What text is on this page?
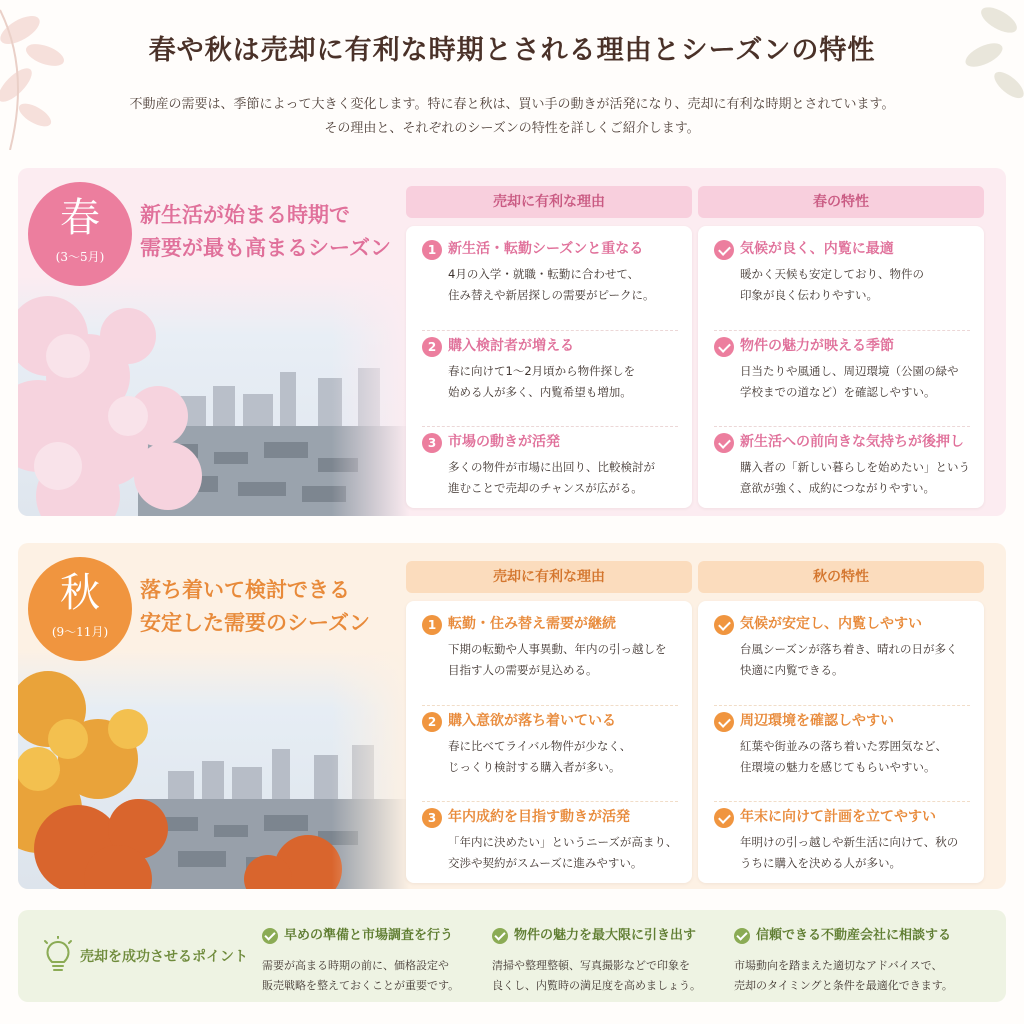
春や秋は売却に有利な時期とされる理由とシーズンの特性

不動産の需要は、季節によって大きく変化します。特に春と秋は、買い手の動きが活発になり、売却に有利な時期とされています。

その理由と、それぞれのシーズンの特性を詳しくご紹介します。

春
(3〜5月)
新生活が始まる時期で
需要が最も高まるシーズン
売却に有利な理由
1 新生活・転勤シーズンと重なる
4月の入学・就職・転勤に合わせて、
住み替えや新居探しの需要がピークに。
2 購入検討者が増える
春に向けて1〜2月頃から物件探しを
始める人が多く、内覧希望も増加。
3 市場の動きが活発
多くの物件が市場に出回り、比較検討が
進むことで売却のチャンスが広がる。
春の特性
気候が良く、内覧に最適
暖かく天候も安定しており、物件の
印象が良く伝わりやすい。
物件の魅力が映える季節
日当たりや風通し、周辺環境（公園の緑や
学校までの道など）を確認しやすい。
新生活への前向きな気持ちが後押し
購入者の「新しい暮らしを始めたい」という
意欲が強く、成約につながりやすい。
秋
(9〜11月)
落ち着いて検討できる
安定した需要のシーズン
売却に有利な理由
1 転勤・住み替え需要が継続
下期の転勤や人事異動、年内の引っ越しを
目指す人の需要が見込める。
2 購入意欲が落ち着いている
春に比べてライバル物件が少なく、
じっくり検討する購入者が多い。
3 年内成約を目指す動きが活発
「年内に決めたい」というニーズが高まり、
交渉や契約がスムーズに進みやすい。
秋の特性
気候が安定し、内覧しやすい
台風シーズンが落ち着き、晴れの日が多く
快適に内覧できる。
周辺環境を確認しやすい
紅葉や街並みの落ち着いた雰囲気など、
住環境の魅力を感じてもらいやすい。
年末に向けて計画を立てやすい
年明けの引っ越しや新生活に向けて、秋の
うちに購入を決める人が多い。
売却を成功させるポイント
早めの準備と市場調査を行う
需要が高まる時期の前に、価格設定や
販売戦略を整えておくことが重要です。
物件の魅力を最大限に引き出す
清掃や整理整頓、写真撮影などで印象を
良くし、内覧時の満足度を高めましょう。
信頼できる不動産会社に相談する
市場動向を踏まえた適切なアドバイスで、
売却のタイミングと条件を最適化できます。
